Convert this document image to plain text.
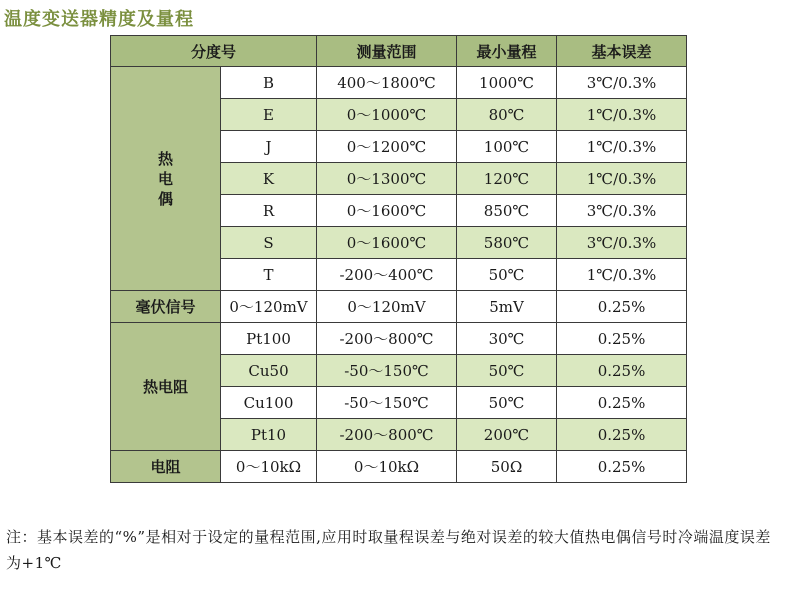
温度变送器精度及量程
分度号		测量范围	最小量程	基本误差
热电偶	B	400～1800℃	1000℃	3℃/0.3%
	E	0～1000℃	80℃	1℃/0.3%
	J	0～1200℃	100℃	1℃/0.3%
	K	0～1300℃	120℃	1℃/0.3%
	R	0～1600℃	850℃	3℃/0.3%
	S	0～1600℃	580℃	3℃/0.3%
	T	-200～400℃	50℃	1℃/0.3%
毫伏信号	0～120mV	0～120mV	5mV	0.25%
热电阻	Pt100	-200～800℃	30℃	0.25%
	Cu50	-50～150℃	50℃	0.25%
	Cu100	-50～150℃	50℃	0.25%
	Pt10	-200～800℃	200℃	0.25%
电阻	0～10kΩ	0～10kΩ	50Ω	0.25%
注：基本误差的“%”是相对于设定的量程范围,应用时取量程误差与绝对误差的较大值热电偶信号时冷端温度误差为+1℃
